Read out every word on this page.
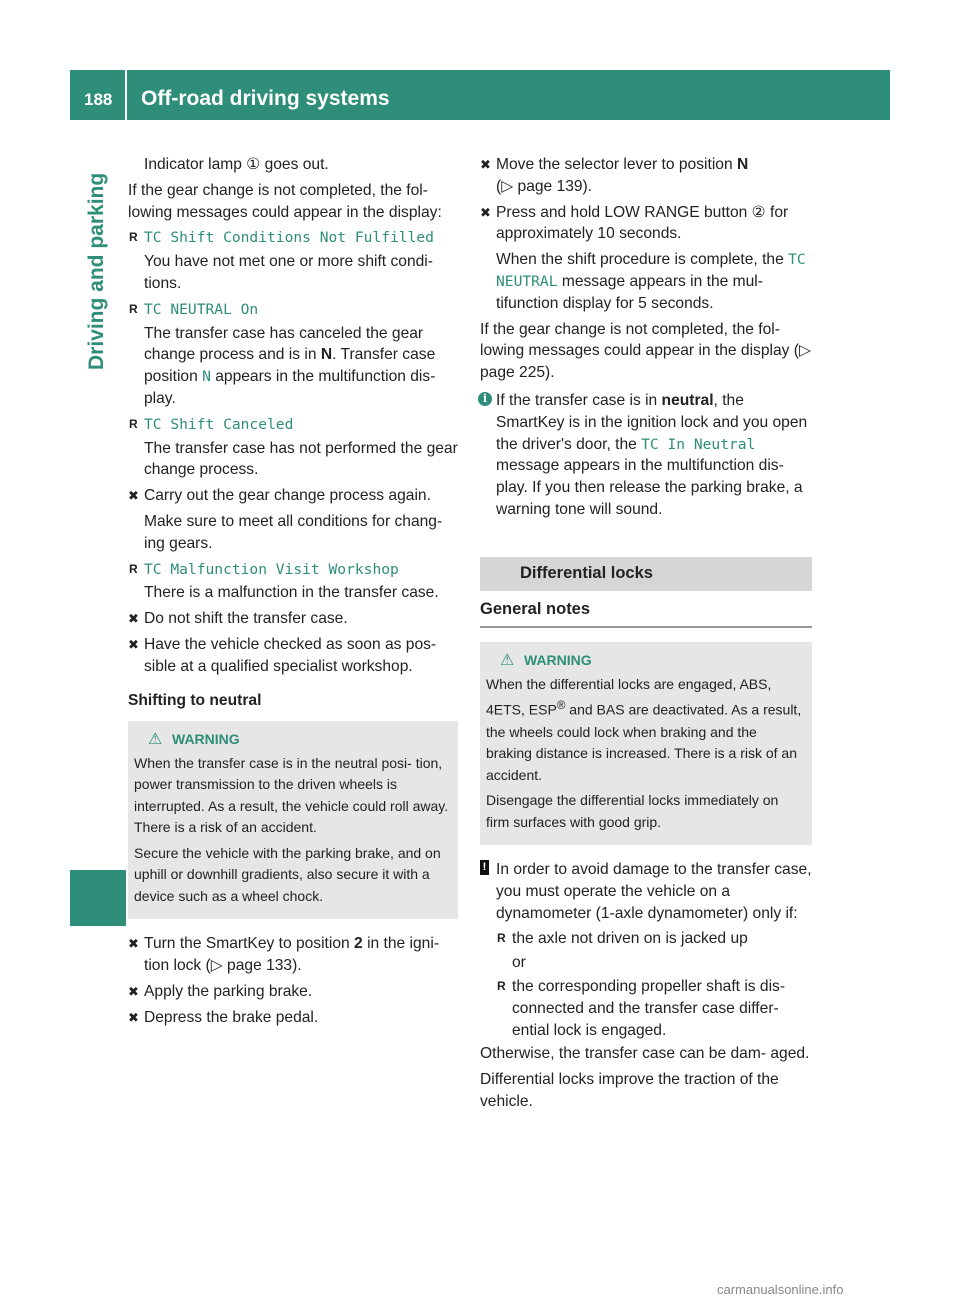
188 Off-road driving systems
Driving and parking

Indicator lamp ① goes out.

If the gear change is not completed, the fol- lowing messages could appear in the display:

R TC Shift Conditions Not Fulfilled

You have not met one or more shift condi- tions.

R TC NEUTRAL On

The transfer case has canceled the gear change process and is in N. Transfer case position N appears in the multifunction dis- play.

R TC Shift Canceled

The transfer case has not performed the gear change process.

✖ Carry out the gear change process again.

Make sure to meet all conditions for chang- ing gears.

R TC Malfunction Visit Workshop

There is a malfunction in the transfer case.

✖ Do not shift the transfer case.
✖ Have the vehicle checked as soon as pos- sible at a qualified specialist workshop.
Shifting to neutral
⚠ WARNING

When the transfer case is in the neutral posi- tion, power transmission to the driven wheels is interrupted. As a result, the vehicle could roll away. There is a risk of an accident.

Secure the vehicle with the parking brake, and on uphill or downhill gradients, also secure it with a device such as a wheel chock.

✖ Turn the SmartKey to position 2 in the igni- tion lock (▷ page 133).
✖ Apply the parking brake.
✖ Depress the brake pedal.
✖ Move the selector lever to position N
(▷ page 139).
✖ Press and hold LOW RANGE button ② for approximately 10 seconds.

When the shift procedure is complete, the TC NEUTRAL message appears in the mul- tifunction display for 5 seconds.

If the gear change is not completed, the fol- lowing messages could appear in the display (▷ page 225).

i If the transfer case is in neutral, the SmartKey is in the ignition lock and you open the driver's door, the TC In Neutral message appears in the multifunction dis- play. If you then release the parking brake, a warning tone will sound.
Differential locks
General notes
⚠ WARNING

When the differential locks are engaged, ABS, 4ETS, ESP® and BAS are deactivated. As a result, the wheels could lock when braking and the braking distance is increased. There is a risk of an accident.

Disengage the differential locks immediately on firm surfaces with good grip.

! In order to avoid damage to the transfer case, you must operate the vehicle on a dynamometer (1-axle dynamometer) only if:
R the axle not driven on is jacked up

or

R the corresponding propeller shaft is dis- connected and the transfer case differ- ential lock is engaged.

Otherwise, the transfer case can be dam- aged.

Differential locks improve the traction of the vehicle.

carmanualsonline.info
